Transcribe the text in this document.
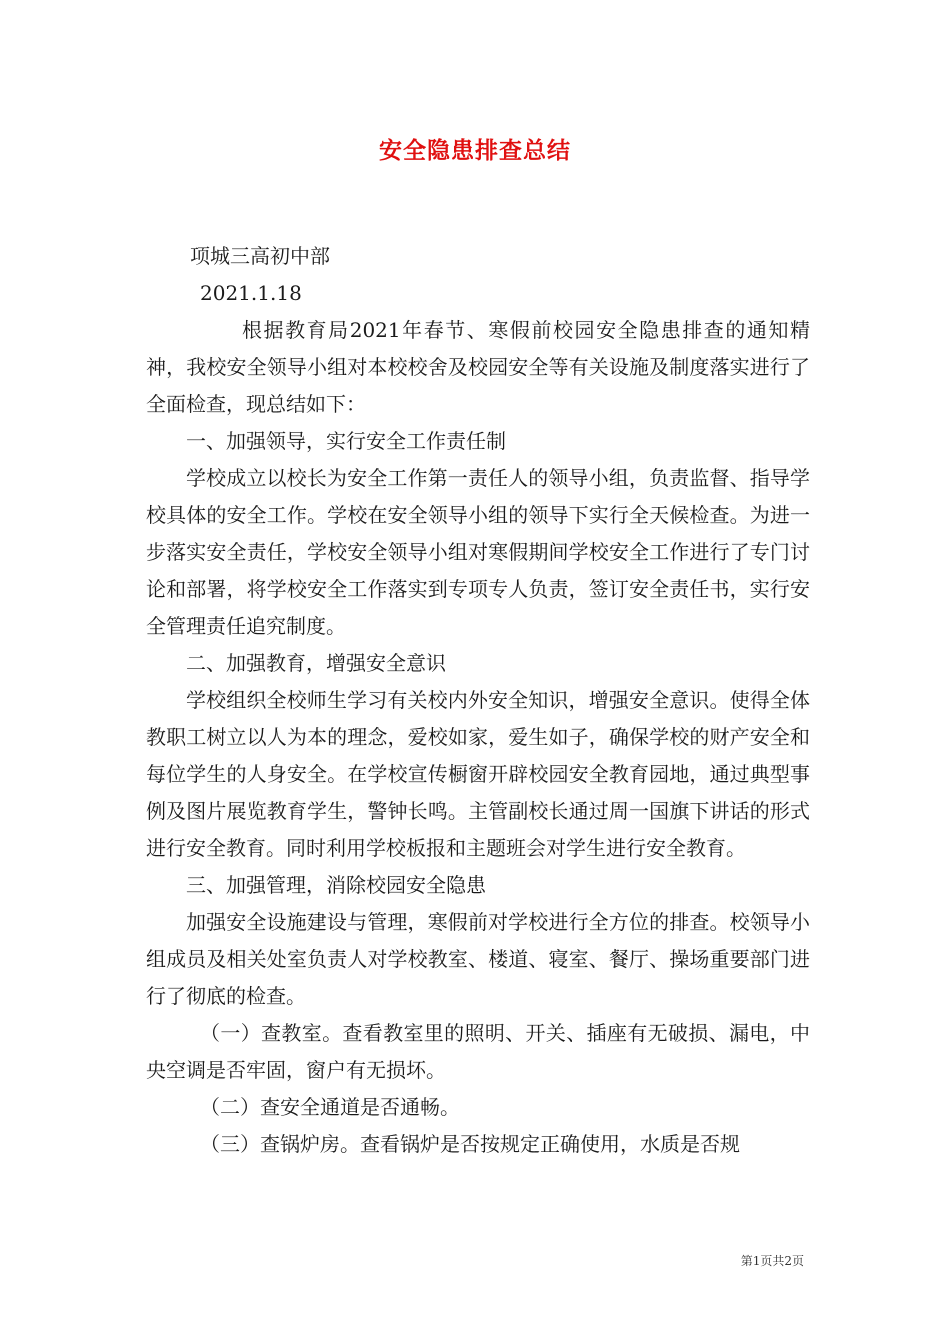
安全隐患排查总结

项城三高初中部

2021.1.18

根据教育局2021年春节、寒假前校园安全隐患排查的通知精神，我校安全领导小组对本校校舍及校园安全等有关设施及制度落实进行了全面检查，现总结如下：

一、加强领导，实行安全工作责任制

学校成立以校长为安全工作第一责任人的领导小组，负责监督、指导学校具体的安全工作。学校在安全领导小组的领导下实行全天候检查。为进一步落实安全责任，学校安全领导小组对寒假期间学校安全工作进行了专门讨论和部署，将学校安全工作落实到专项专人负责，签订安全责任书，实行安全管理责任追究制度。

二、加强教育，增强安全意识

学校组织全校师生学习有关校内外安全知识，增强安全意识。使得全体教职工树立以人为本的理念，爱校如家，爱生如子，确保学校的财产安全和每位学生的人身安全。在学校宣传橱窗开辟校园安全教育园地，通过典型事例及图片展览教育学生，警钟长鸣。主管副校长通过周一国旗下讲话的形式进行安全教育。同时利用学校板报和主题班会对学生进行安全教育。

三、加强管理，消除校园安全隐患

加强安全设施建设与管理，寒假前对学校进行全方位的排查。校领导小组成员及相关处室负责人对学校教室、楼道、寝室、餐厅、操场重要部门进行了彻底的检查。

（一）查教室。查看教室里的照明、开关、插座有无破损、漏电，中央空调是否牢固，窗户有无损坏。

（二）查安全通道是否通畅。

（三）查锅炉房。查看锅炉是否按规定正确使用，水质是否规

第1页共2页
